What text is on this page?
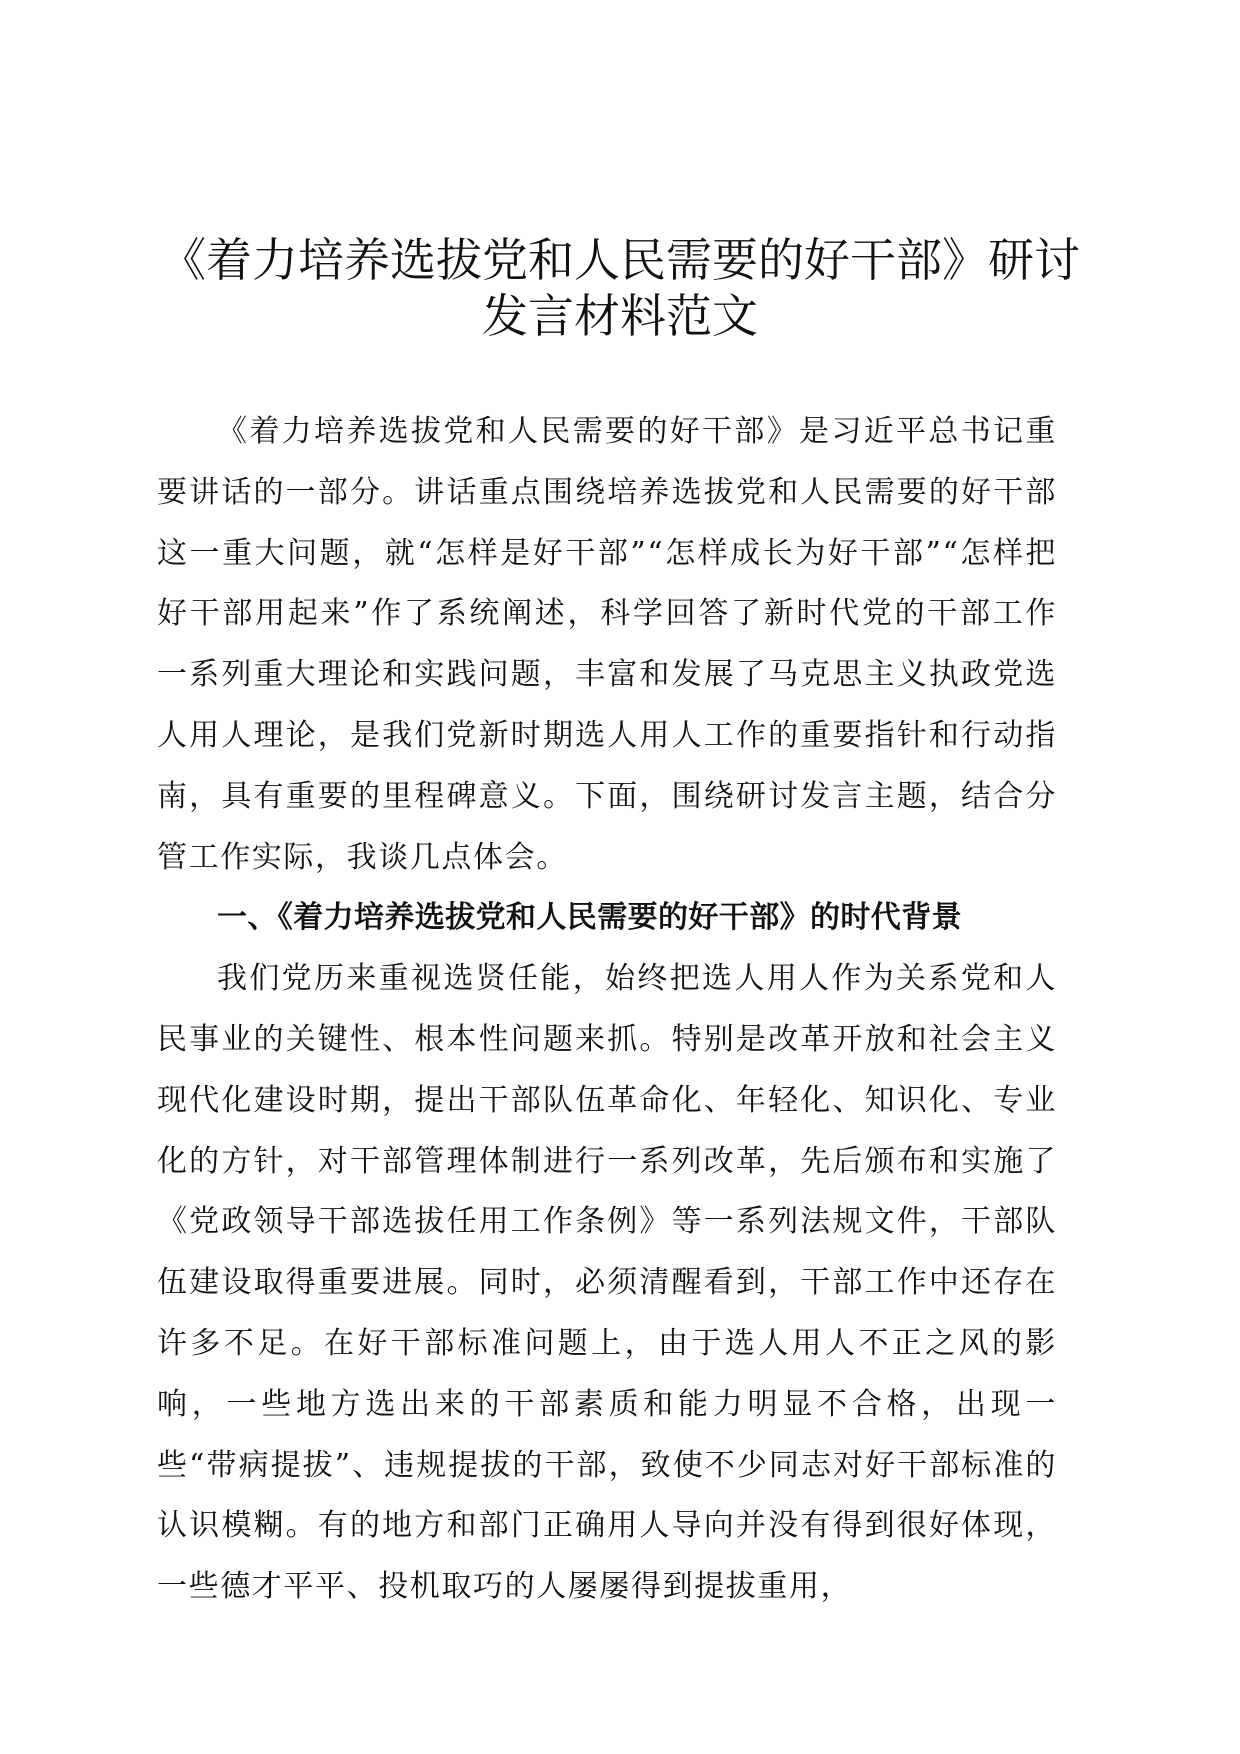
《着力培养选拔党和人民需要的好干部》研讨
发言材料范文

《着力培养选拔党和人民需要的好干部》是习近平总书记重要讲话的一部分。讲话重点围绕培养选拔党和人民需要的好干部这一重大问题，就“怎样是好干部”“怎样成长为好干部”“怎样把好干部用起来”作了系统阐述，科学回答了新时代党的干部工作一系列重大理论和实践问题，丰富和发展了马克思主义执政党选人用人理论，是我们党新时期选人用人工作的重要指针和行动指南，具有重要的里程碑意义。下面，围绕研讨发言主题，结合分管工作实际，我谈几点体会。

一、《着力培养选拔党和人民需要的好干部》的时代背景

我们党历来重视选贤任能，始终把选人用人作为关系党和人民事业的关键性、根本性问题来抓。特别是改革开放和社会主义现代化建设时期，提出干部队伍革命化、年轻化、知识化、专业化的方针，对干部管理体制进行一系列改革，先后颁布和实施了《党政领导干部选拔任用工作条例》等一系列法规文件，干部队伍建设取得重要进展。同时，必须清醒看到，干部工作中还存在许多不足。在好干部标准问题上，由于选人用人不正之风的影响，一些地方选出来的干部素质和能力明显不合格，出现一些“带病提拔”、违规提拔的干部，致使不少同志对好干部标准的认识模糊。有的地方和部门正确用人导向并没有得到很好体现，一些德才平平、投机取巧的人屡屡得到提拔重用，
